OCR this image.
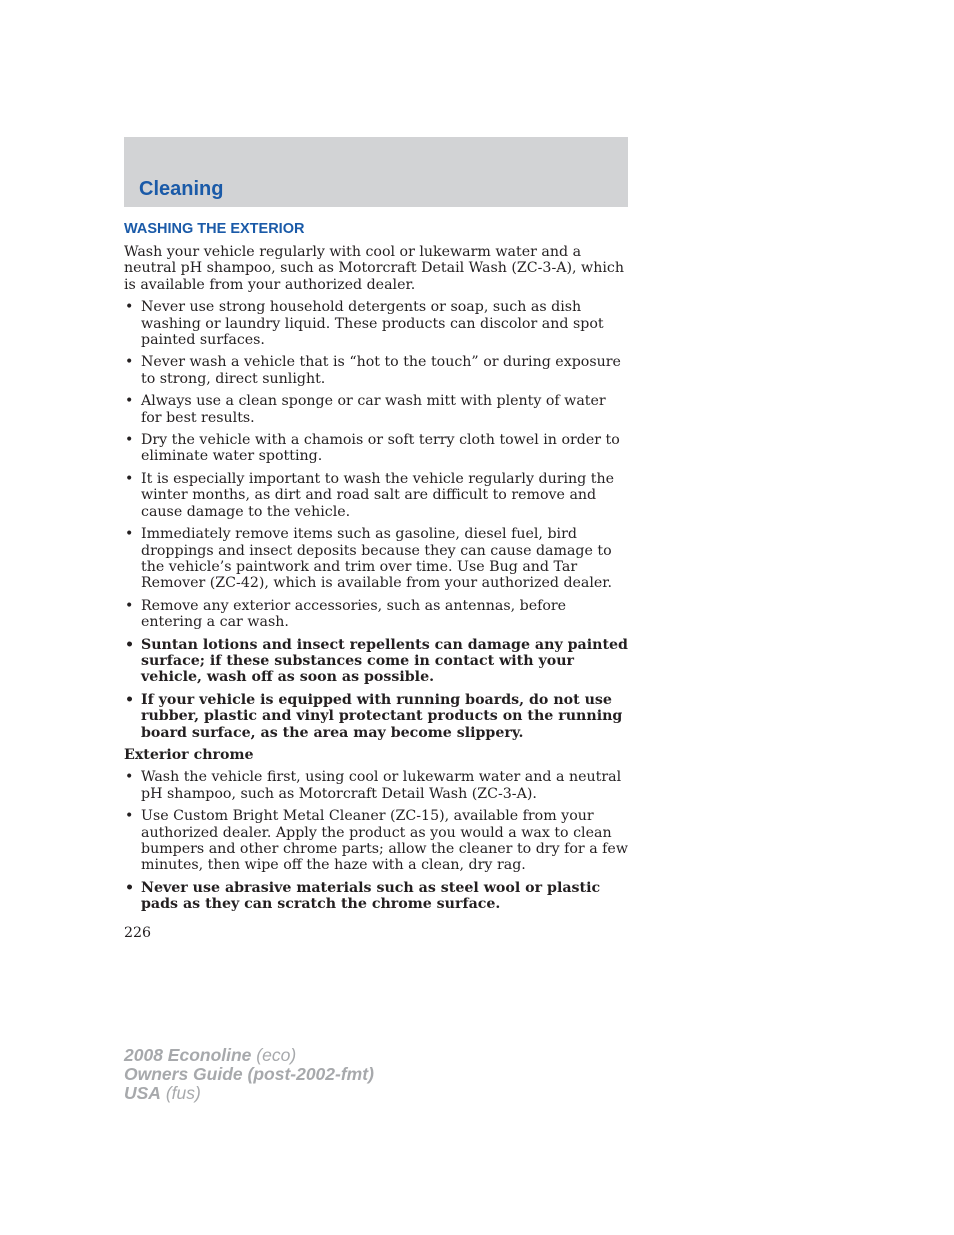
Cleaning
WASHING THE EXTERIOR

Wash your vehicle regularly with cool or lukewarm water and a neutral pH shampoo, such as Motorcraft Detail Wash (ZC-3-A), which is available from your authorized dealer.

• Never use strong household detergents or soap, such as dish washing or laundry liquid. These products can discolor and spot painted surfaces.
• Never wash a vehicle that is “hot to the touch” or during exposure to strong, direct sunlight.
• Always use a clean sponge or car wash mitt with plenty of water for best results.
• Dry the vehicle with a chamois or soft terry cloth towel in order to eliminate water spotting.
• It is especially important to wash the vehicle regularly during the winter months, as dirt and road salt are difficult to remove and cause damage to the vehicle.
• Immediately remove items such as gasoline, diesel fuel, bird droppings and insect deposits because they can cause damage to the vehicle’s paintwork and trim over time. Use Bug and Tar Remover (ZC-42), which is available from your authorized dealer.
• Remove any exterior accessories, such as antennas, before entering a car wash.
• Suntan lotions and insect repellents can damage any painted surface; if these substances come in contact with your vehicle, wash off as soon as possible.
• If your vehicle is equipped with running boards, do not use rubber, plastic and vinyl protectant products on the running board surface, as the area may become slippery.
Exterior chrome
• Wash the vehicle first, using cool or lukewarm water and a neutral pH shampoo, such as Motorcraft Detail Wash (ZC-3-A).
• Use Custom Bright Metal Cleaner (ZC-15), available from your authorized dealer. Apply the product as you would a wax to clean bumpers and other chrome parts; allow the cleaner to dry for a few minutes, then wipe off the haze with a clean, dry rag.
• Never use abrasive materials such as steel wool or plastic pads as they can scratch the chrome surface.
226
2008 Econoline (eco)
Owners Guide (post-2002-fmt)
USA (fus)
